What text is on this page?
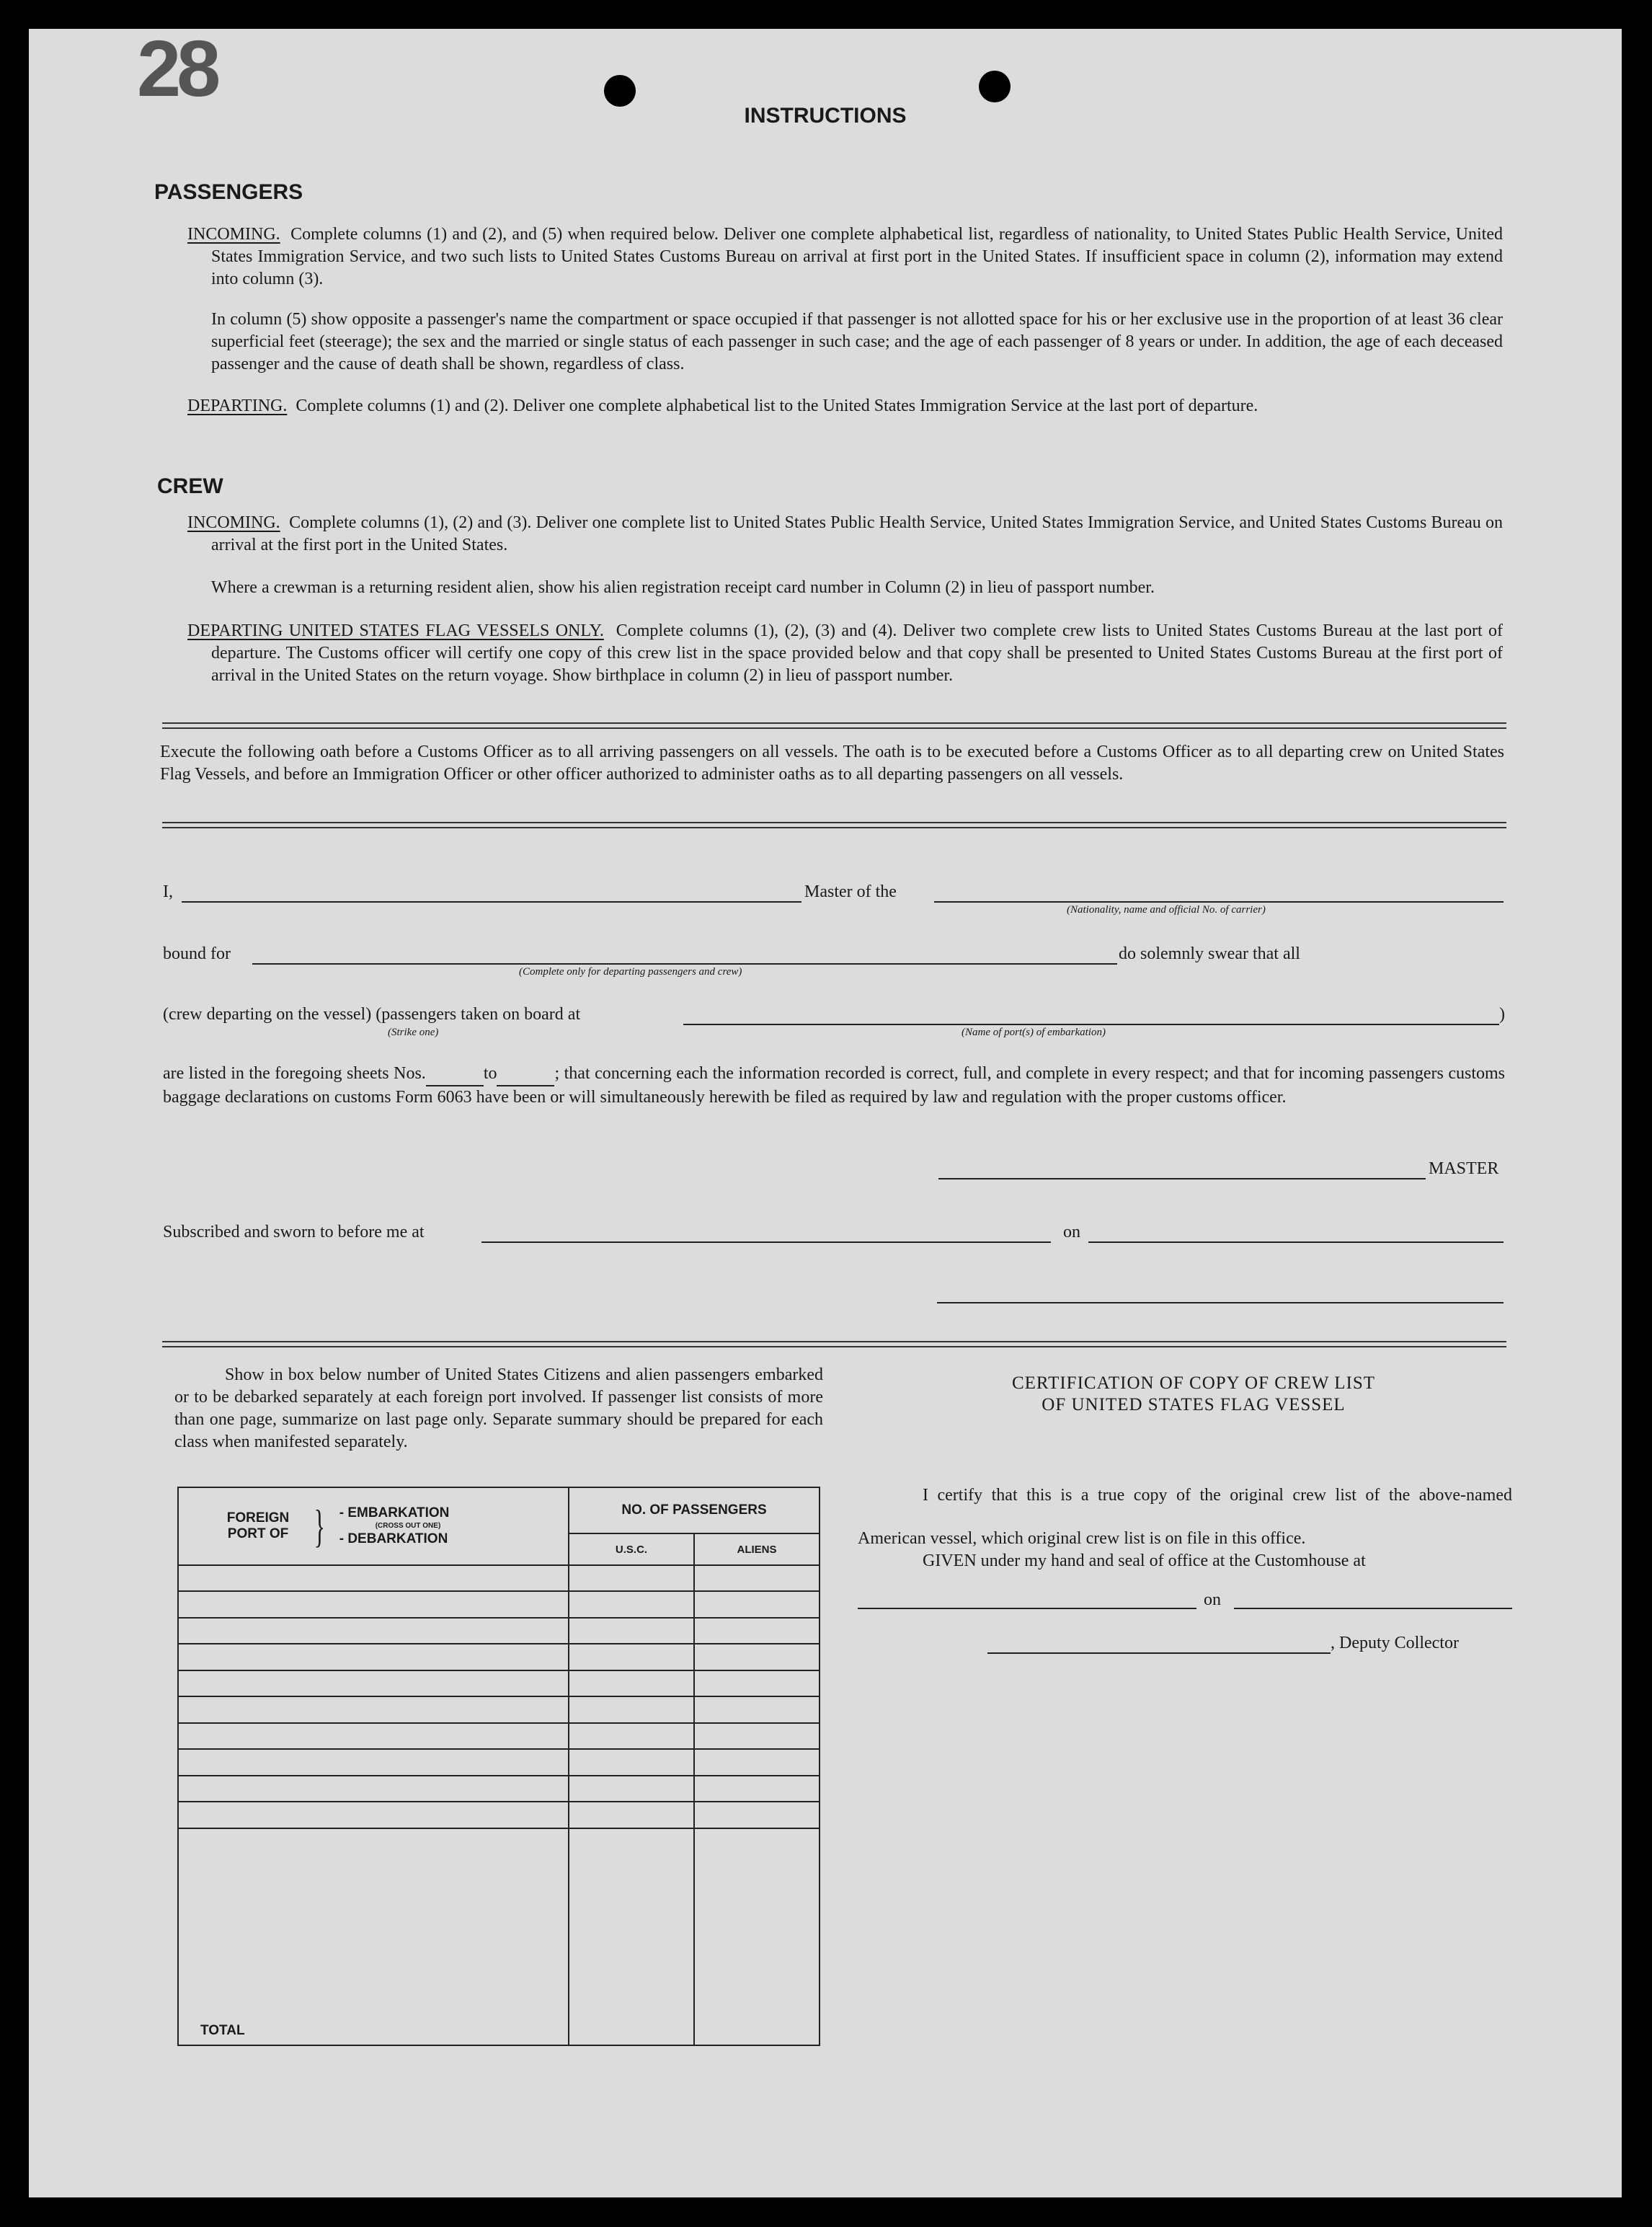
28
INSTRUCTIONS
PASSENGERS
INCOMING. Complete columns (1) and (2), and (5) when required below. Deliver one complete alphabetical list, regardless of nationality, to United States Public Health Service, United States Immigration Service, and two such lists to United States Customs Bureau on arrival at first port in the United States. If insufficient space in column (2), information may extend into column (3).
In column (5) show opposite a passenger's name the compartment or space occupied if that passenger is not allotted space for his or her exclusive use in the proportion of at least 36 clear superficial feet (steerage); the sex and the married or single status of each passenger in such case; and the age of each passenger of 8 years or under. In addition, the age of each deceased passenger and the cause of death shall be shown, regardless of class.
DEPARTING. Complete columns (1) and (2). Deliver one complete alphabetical list to the United States Immigration Service at the last port of departure.
CREW
INCOMING. Complete columns (1), (2) and (3). Deliver one complete list to United States Public Health Service, United States Immigration Service, and United States Customs Bureau on arrival at the first port in the United States.
Where a crewman is a returning resident alien, show his alien registration receipt card number in Column (2) in lieu of passport number.
DEPARTING UNITED STATES FLAG VESSELS ONLY. Complete columns (1), (2), (3) and (4). Deliver two complete crew lists to United States Customs Bureau at the last port of departure. The Customs officer will certify one copy of this crew list in the space provided below and that copy shall be presented to United States Customs Bureau at the first port of arrival in the United States on the return voyage. Show birthplace in column (2) in lieu of passport number.
Execute the following oath before a Customs Officer as to all arriving passengers on all vessels. The oath is to be executed before a Customs Officer as to all departing crew on United States Flag Vessels, and before an Immigration Officer or other officer authorized to administer oaths as to all departing passengers on all vessels.
I,	Master of the
(Nationality, name and official No. of carrier)
bound for
(Complete only for departing passengers and crew)
do solemnly swear that all
(crew departing on the vessel) (passengers taken on board at
(Strike one)	(Name of port(s) of embarkation)
)
are listed in the foregoing sheets Nos.	to	; that concerning each the information recorded is correct, full, and complete in every respect; and that for incoming passengers customs baggage declarations on customs Form 6063 have been or will simultaneously herewith be filed as required by law and regulation with the proper customs officer.
MASTER
Subscribed and sworn to before me at	on
Show in box below number of United States Citizens and alien passengers embarked or to be debarked separately at each foreign port involved. If passenger list consists of more than one page, summarize on last page only. Separate summary should be prepared for each class when manifested separately.
FOREIGN PORT OF } - EMBARKATION
(CROSS OUT ONE)
- DEBARKATION	NO. OF PASSENGERS	
	U.S.C.	ALIENS

TOTAL		
CERTIFICATION OF COPY OF CREW LIST
OF UNITED STATES FLAG VESSEL
I certify that this is a true copy of the original crew list of the above-named American vessel, which original crew list is on file in this office.
GIVEN under my hand and seal of office at the Customhouse at
on
, Deputy Collector
